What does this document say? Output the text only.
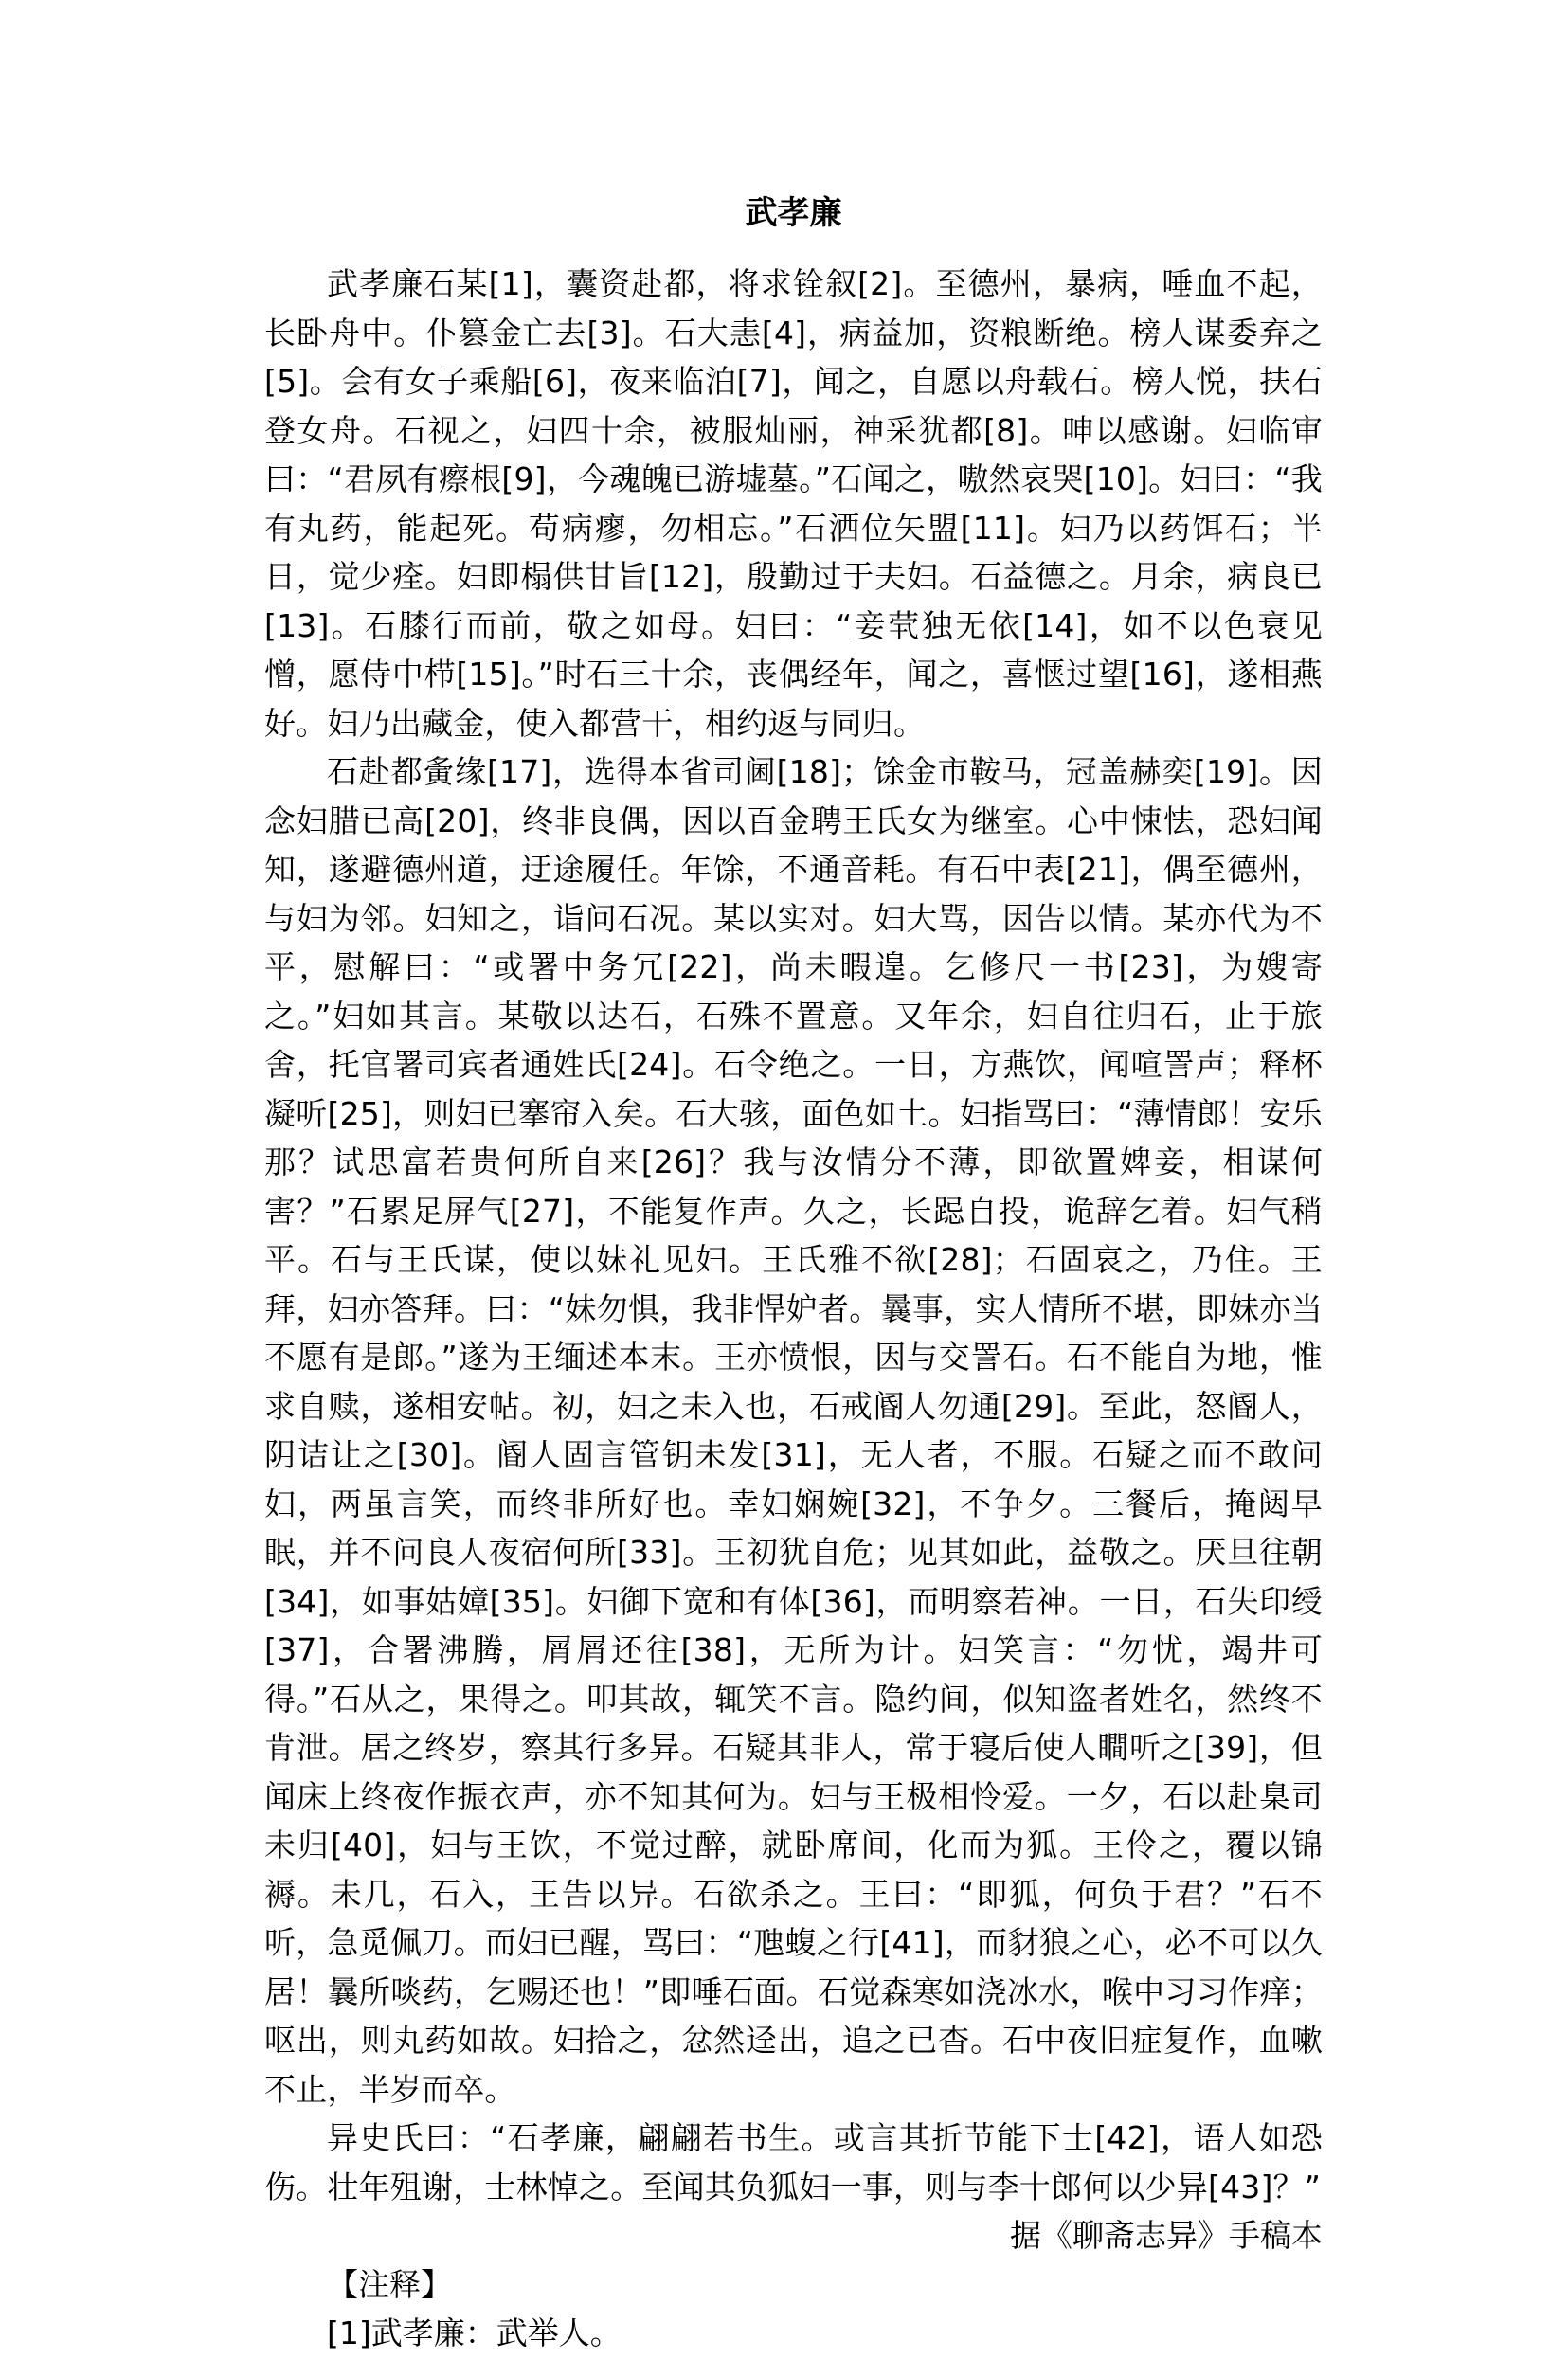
武孝廉

武孝廉石某[1]，囊资赴都，将求铨叙[2]。至德州，暴病，唾血不起，长卧舟中。仆篡金亡去[3]。石大恚[4]，病益加，资粮断绝。榜人谋委弃之[5]。会有女子乘船[6]，夜来临泊[7]，闻之，自愿以舟载石。榜人悦，扶石登女舟。石视之，妇四十余，被服灿丽，神采犹都[8]。呻以感谢。妇临审曰：“君夙有瘵根[9]，今魂魄已游墟墓。”石闻之，嗷然哀哭[10]。妇曰：“我有丸药，能起死。苟病瘳，勿相忘。”石洒位矢盟[11]。妇乃以药饵石；半日，觉少痊。妇即榻供甘旨[12]，殷勤过于夫妇。石益德之。月余，病良已[13]。石膝行而前，敬之如母。妇曰：“妾茕独无依[14]，如不以色衰见憎，愿侍中栉[15]。”时石三十余，丧偶经年，闻之，喜惬过望[16]，遂相燕好。妇乃出藏金，使入都营干，相约返与同归。

石赴都夤缘[17]，选得本省司阃[18]；馀金市鞍马，冠盖赫奕[19]。因念妇腊已高[20]，终非良偶，因以百金聘王氏女为继室。心中悚怯，恐妇闻知，遂避德州道，迂途履任。年馀，不通音耗。有石中表[21]，偶至德州，与妇为邻。妇知之，诣问石况。某以实对。妇大骂，因告以情。某亦代为不平，慰解曰：“或署中务冗[22]，尚未暇遑。乞修尺一书[23]，为嫂寄之。”妇如其言。某敬以达石，石殊不置意。又年余，妇自往归石，止于旅舍，托官署司宾者通姓氏[24]。石令绝之。一日，方燕饮，闻喧詈声；释杯凝听[25]，则妇已搴帘入矣。石大骇，面色如土。妇指骂曰：“薄情郎！安乐那？试思富若贵何所自来[26]？我与汝情分不薄，即欲置婢妾，相谋何害？”石累足屏气[27]，不能复作声。久之，长跽自投，诡辞乞着。妇气稍平。石与王氏谋，使以妹礼见妇。王氏雅不欲[28]；石固哀之，乃住。王拜，妇亦答拜。曰：“妹勿惧，我非悍妒者。曩事，实人情所不堪，即妹亦当不愿有是郎。”遂为王缅述本末。王亦愤恨，因与交詈石。石不能自为地，惟求自赎，遂相安帖。初，妇之未入也，石戒阍人勿通[29]。至此，怒阍人，阴诘让之[30]。阍人固言管钥未发[31]，无人者，不服。石疑之而不敢问妇，两虽言笑，而终非所好也。幸妇娴婉[32]，不争夕。三餐后，掩闼早眠，并不问良人夜宿何所[33]。王初犹自危；见其如此，益敬之。厌旦往朝[34]，如事姑嫜[35]。妇御下宽和有体[36]，而明察若神。一日，石失印绶[37]，合署沸腾，屑屑还往[38]，无所为计。妇笑言：“勿忧，竭井可得。”石从之，果得之。叩其故，辄笑不言。隐约间，似知盗者姓名，然终不肯泄。居之终岁，察其行多异。石疑其非人，常于寝后使人瞷听之[39]，但闻床上终夜作振衣声，亦不知其何为。妇与王极相怜爱。一夕，石以赴臬司未归[40]，妇与王饮，不觉过醉，就卧席间，化而为狐。王伶之，覆以锦褥。未几，石入，王告以异。石欲杀之。王曰：“即狐，何负于君？”石不听，急觅佩刀。而妇已醒，骂曰：“虺蝮之行[41]，而豺狼之心，必不可以久居！曩所啖药，乞赐还也！”即唾石面。石觉森寒如浇冰水，喉中习习作痒；呕出，则丸药如故。妇拾之，忿然迳出，追之已杳。石中夜旧症复作，血嗽不止，半岁而卒。

异史氏曰：“石孝廉，翩翩若书生。或言其折节能下士[42]，语人如恐伤。壮年殂谢，士林悼之。至闻其负狐妇一事，则与李十郎何以少异[43]？”

据《聊斋志异》手稿本

【注释】

[1]武孝廉：武举人。
